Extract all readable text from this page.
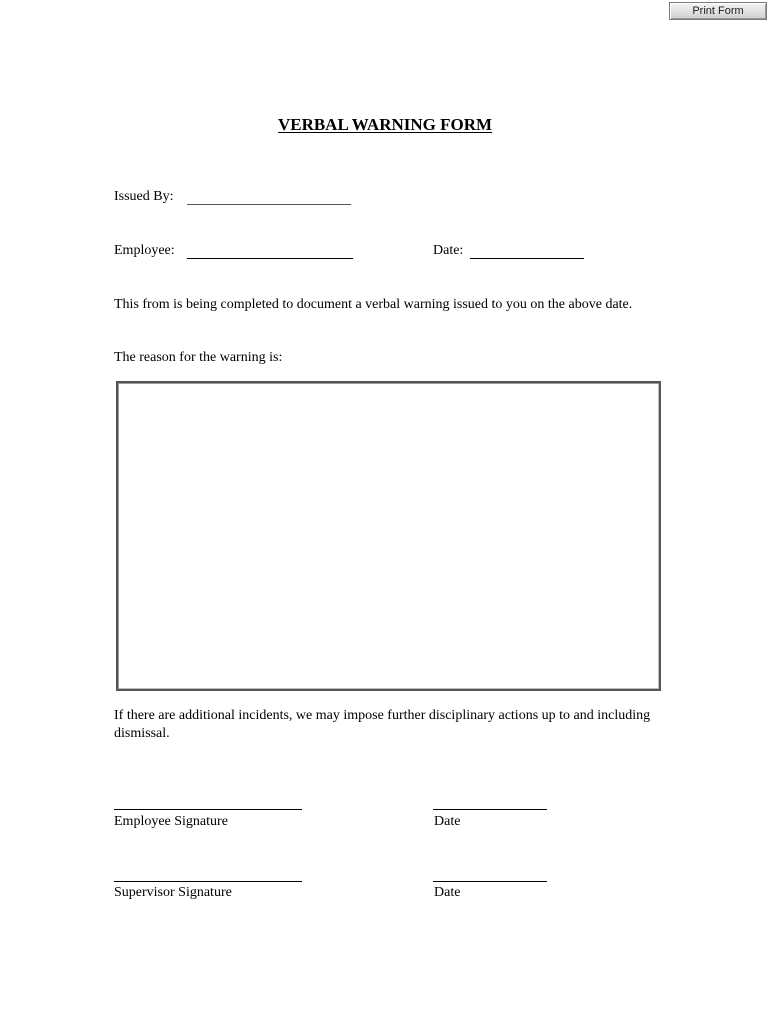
Print Form
VERBAL WARNING FORM
Issued By:
Employee:	Date:
This from is being completed to document a verbal warning issued to you on the above date.
The reason for the warning is:
If there are additional incidents, we may impose further disciplinary actions up to and including dismissal.
Employee Signature	Date
Supervisor Signature	Date
